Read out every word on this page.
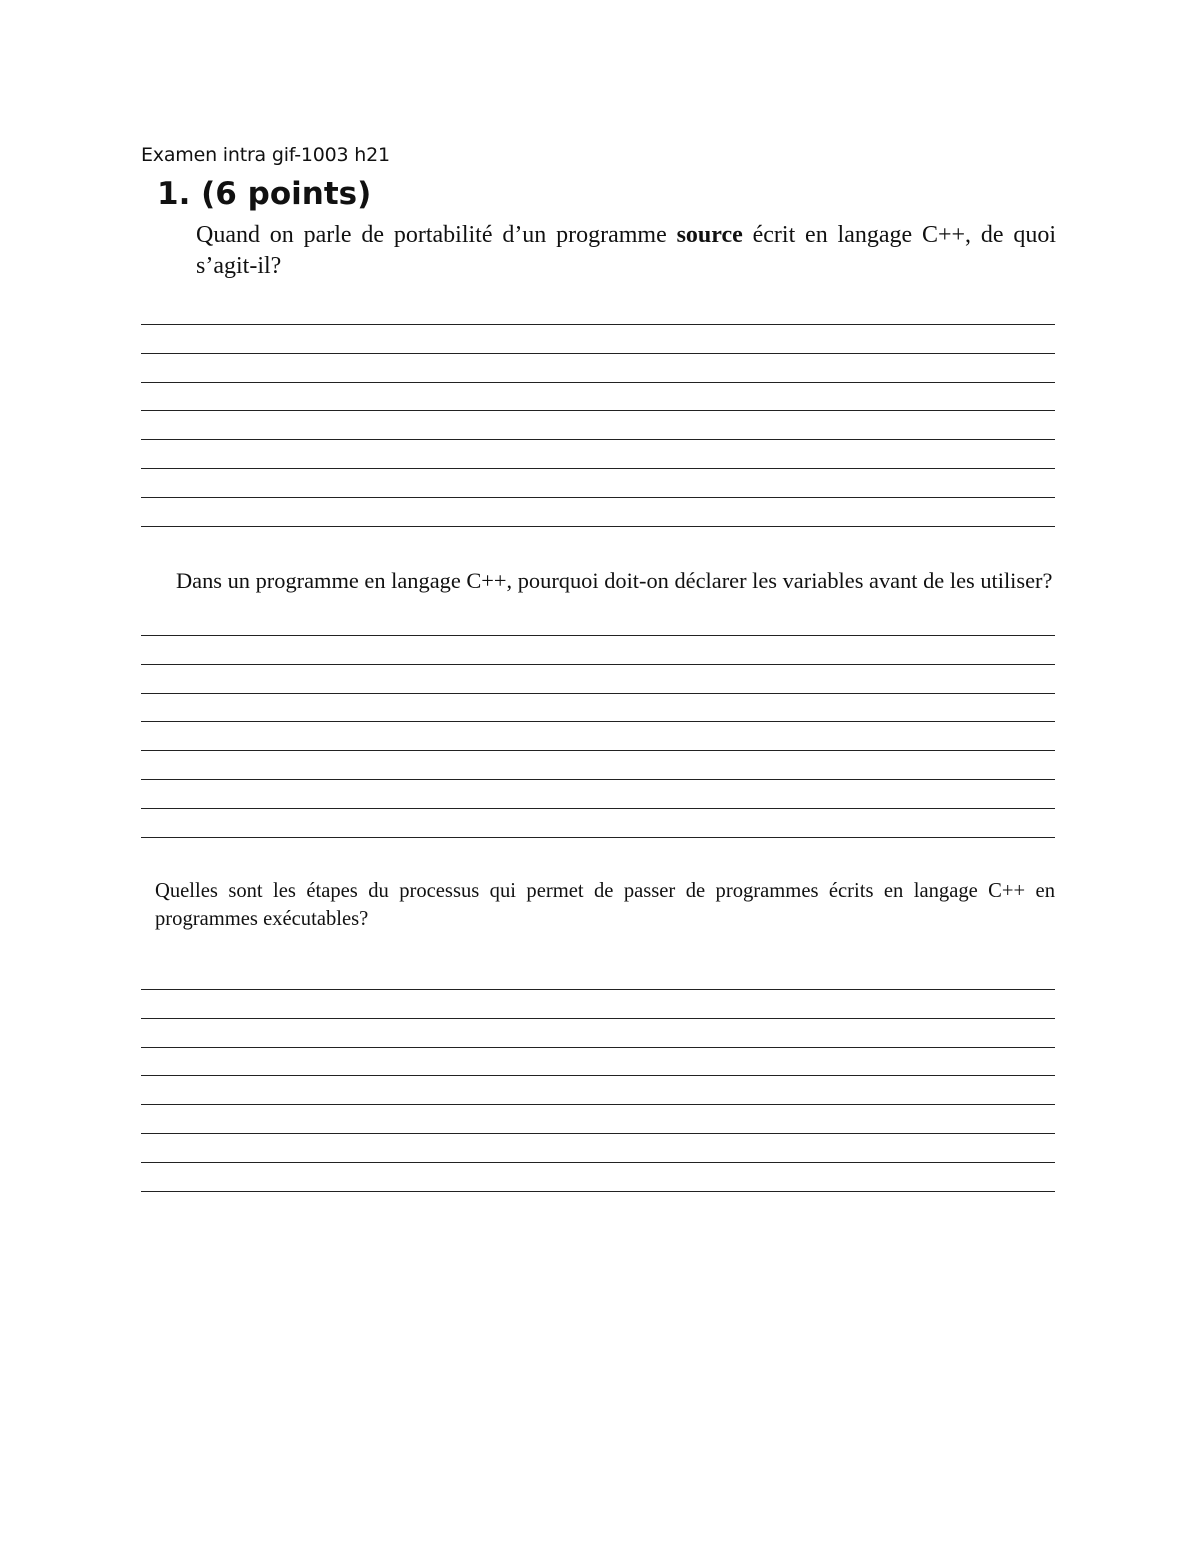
Examen intra gif-1003 h21
1. (6 points)
Quand on parle de portabilité d’un programme source écrit en langage C++, de quoi s’agit-il?
Dans un programme en langage C++, pourquoi doit-on déclarer les variables avant de les utiliser?
Quelles sont les étapes du processus qui permet de passer de programmes écrits en langage C++ en programmes exécutables?
